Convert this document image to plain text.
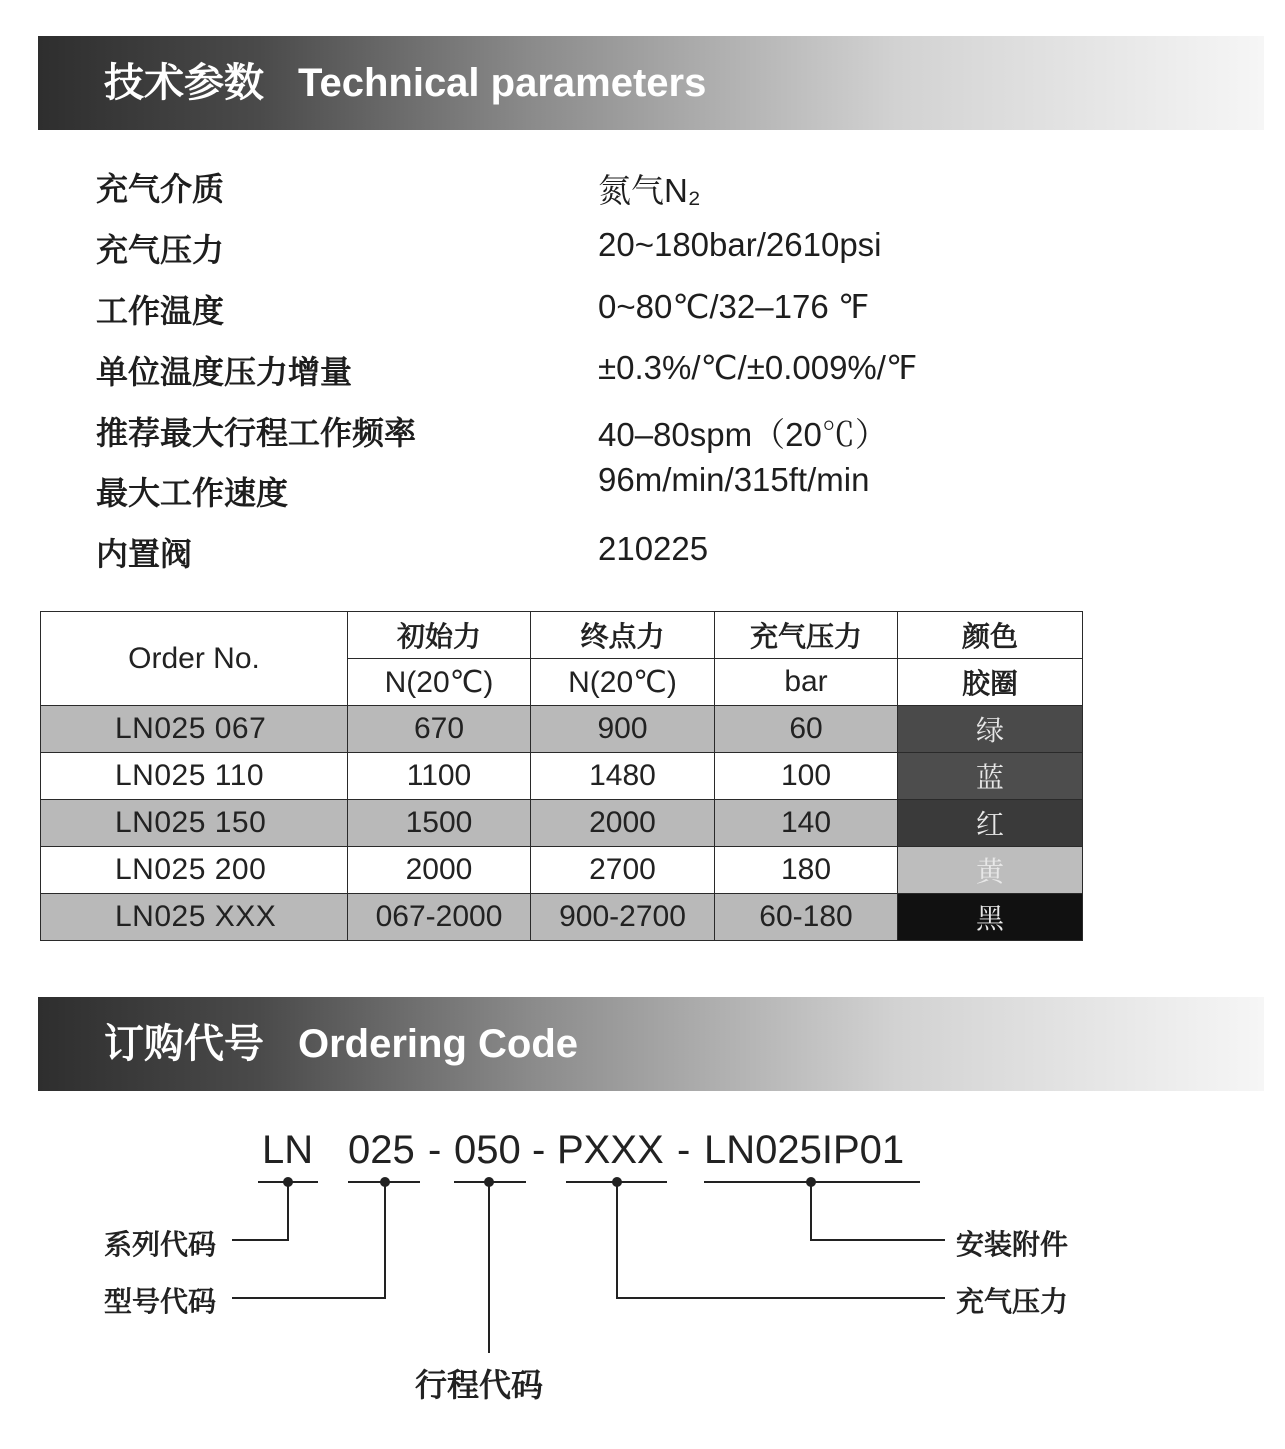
技术参数 Technical parameters
充气介质	氮气N₂
充气压力	20~180bar/2610psi
工作温度	0~80℃/32–176 ℉
单位温度压力增量	±0.3%/℃/±0.009%/℉
推荐最大行程工作频率	40–80spm（20℃）
最大工作速度	96m/min/315ft/min
内置阀	210225
Order No.	初始力	终点力	充气压力	颜色
	N(20℃)	N(20℃)	bar	胶圈
LN025 067	670	900	60	绿
LN025 110	1100	1480	100	蓝
LN025 150	1500	2000	140	红
LN025 200	2000	2700	180	黄
LN025 XXX	067-2000	900-2700	60-180	黑
订购代号 Ordering Code
LN 025 - 050 - PXXX - LN025IP01
系列代码
型号代码
行程代码
安装附件
充气压力
